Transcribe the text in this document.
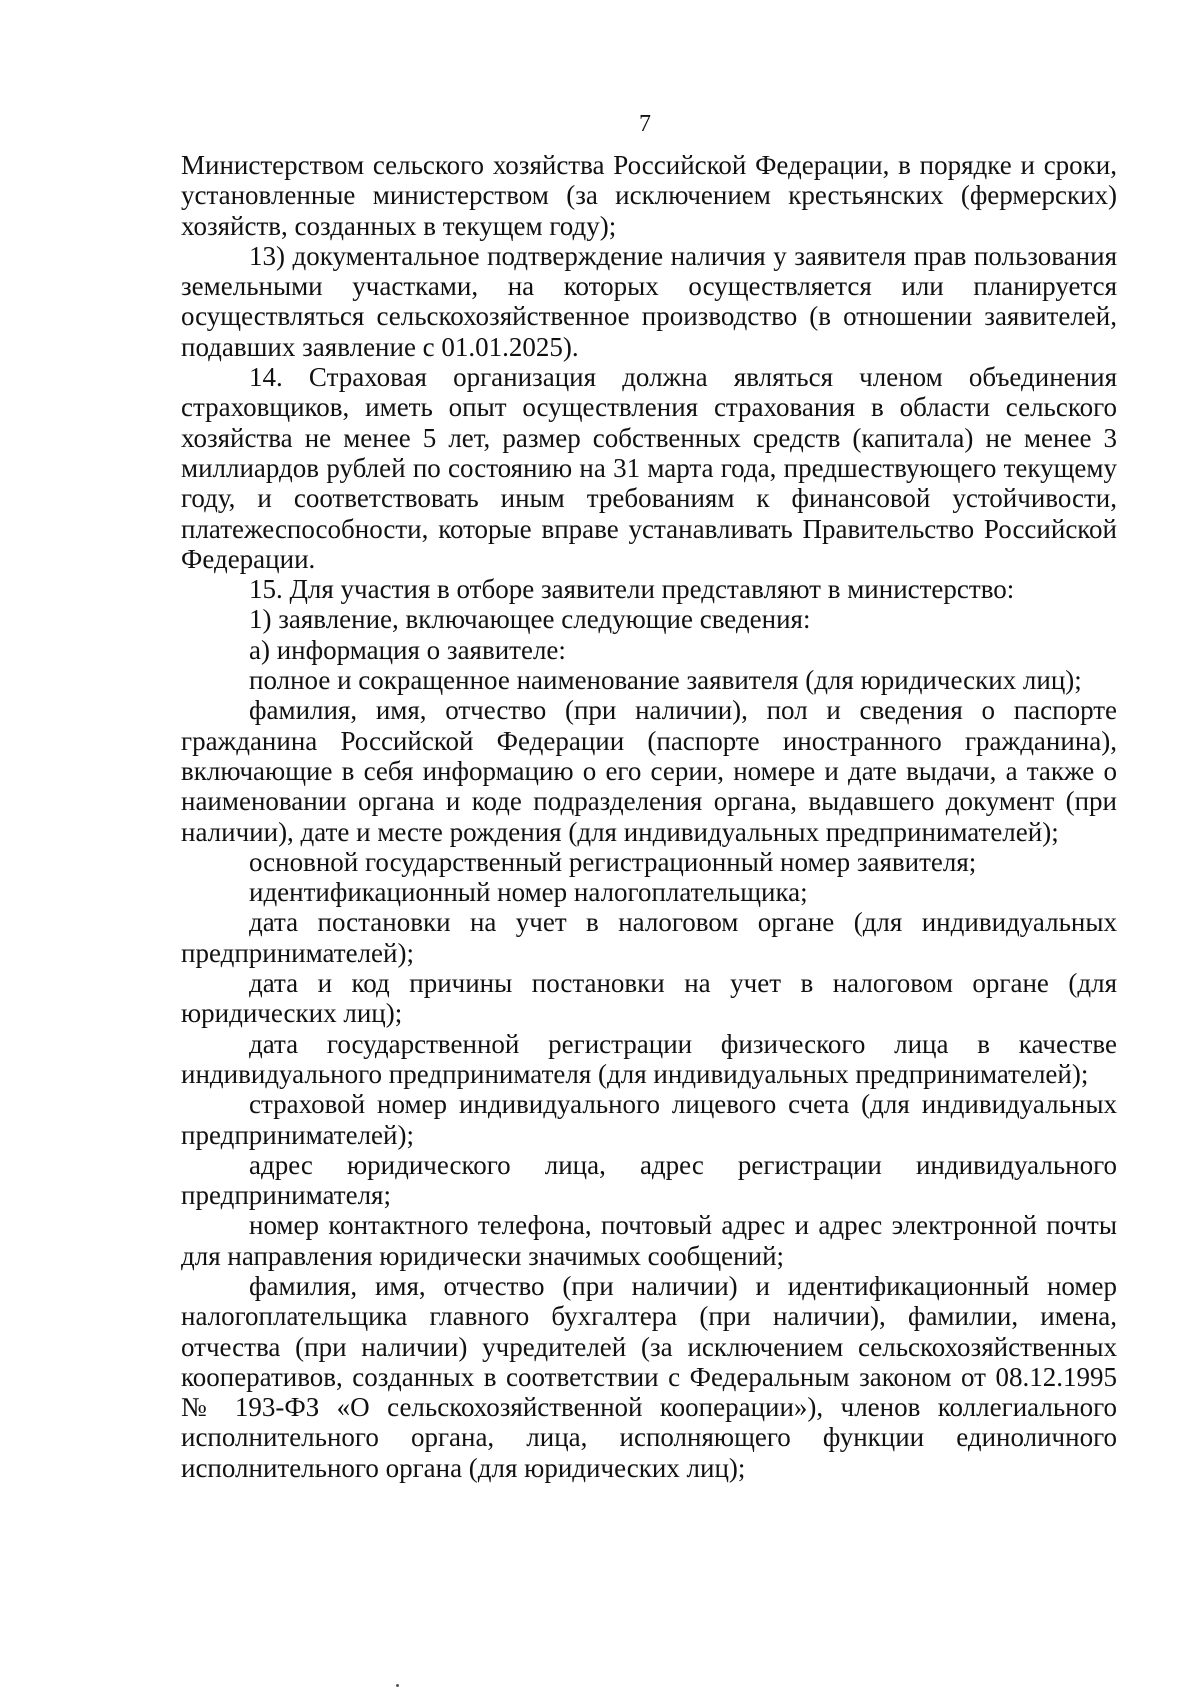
7

Министерством сельского хозяйства Российской Федерации, в порядке и сроки, установленные министерством (за исключением крестьянских (фермерских) хозяйств, созданных в текущем году);

13) документальное подтверждение наличия у заявителя прав пользования земельными участками, на которых осуществляется или планируется осуществляться сельскохозяйственное производство (в отношении заявителей, подавших заявление с 01.01.2025).

14. Страховая организация должна являться членом объединения страховщиков, иметь опыт осуществления страхования в области сельского хозяйства не менее 5 лет, размер собственных средств (капитала) не менее 3 миллиардов рублей по состоянию на 31 марта года, предшествующего текущему году, и соответствовать иным требованиям к финансовой устойчивости, платежеспособности, которые вправе устанавливать Правительство Российской Федерации.

15. Для участия в отборе заявители представляют в министерство:

1) заявление, включающее следующие сведения:

а) информация о заявителе:

полное и сокращенное наименование заявителя (для юридических лиц);

фамилия, имя, отчество (при наличии), пол и сведения о паспорте гражданина Российской Федерации (паспорте иностранного гражданина), включающие в себя информацию о его серии, номере и дате выдачи, а также о наименовании органа и коде подразделения органа, выдавшего документ (при наличии), дате и месте рождения (для индивидуальных предпринимателей);

основной государственный регистрационный номер заявителя;

идентификационный номер налогоплательщика;

дата постановки на учет в налоговом органе (для индивидуальных предпринимателей);

дата и код причины постановки на учет в налоговом органе (для юридических лиц);

дата государственной регистрации физического лица в качестве индивидуального предпринимателя (для индивидуальных предпринимателей);

страховой номер индивидуального лицевого счета (для индивидуальных предпринимателей);

адрес юридического лица, адрес регистрации индивидуального предпринимателя;

номер контактного телефона, почтовый адрес и адрес электронной почты для направления юридически значимых сообщений;

фамилия, имя, отчество (при наличии) и идентификационный номер налогоплательщика главного бухгалтера (при наличии), фамилии, имена, отчества (при наличии) учредителей (за исключением сельскохозяйственных кооперативов, созданных в соответствии с Федеральным законом от 08.12.1995 № 193-ФЗ «О сельскохозяйственной кооперации»), членов коллегиального исполнительного органа, лица, исполняющего функции единоличного исполнительного органа (для юридических лиц);
